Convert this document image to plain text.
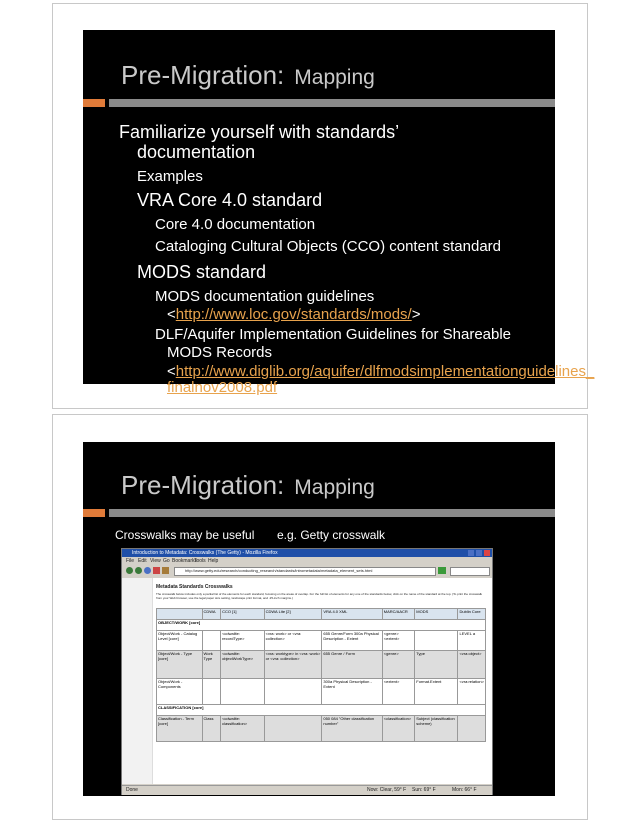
Pre-Migration: Mapping
Familiarize yourself with standards’
documentation
Examples
VRA Core 4.0 standard
Core 4.0 documentation
Cataloging Cultural Objects (CCO) content standard
MODS standard
MODS documentation guidelines
<http://www.loc.gov/standards/mods/>
DLF/Aquifer Implementation Guidelines for Shareable
MODS Records
<http://www.diglib.org/aquifer/dlfmodsimplementationguidelines_
finalnov2008.pdf
Pre-Migration: Mapping
Crosswalks may be useful e.g. Getty crosswalk
Introduction to Metadata: Crosswalks (The Getty) - Mozilla Firefox
File Edit View Go Bookmarks
Tools Help
http://www.getty.edu/research/conducting_research/standards/intrometadata/metadata_element_sets.html
Metadata Standards Crosswalks
The crosswalk below includes only a partial list of the elements for each standard, focusing on the areas of overlap. For the full list of elements for any one of the standards below, click on the name of the standard at the top. (To print the crosswalk from your Web browser, use the legal paper size setting, landscape print format, and .25-inch margins.)
	CDWA	CCO [1]	CDWA Lite [2]	VRA 4.0 XML	MARC/AACR	MODS	Dublin Core
OBJECT/WORK [core]							
Object/Work - Catalog Level [core]		<cdwalite: recordType>	<vra: work> or <vra: collection>	655 Genre/Form 300a Physical Description - Extent	<genre> <extent>		LEVEL a
Object/Work - Type [core]	Work Type	<cdwalite: objectWorkType>	<vra: worktype> in <vra: work> or <vra: collection>	655 Genre / Form	<genre>	Type	<vra:object>
Object/Work - Components				300a Physical Description - Extent	<extent>	Format.Extent	<vra:relation>
CLASSIFICATION [core]							
Classification - Term [core]	Class	<cdwalite: classification>		050 084 "Other classification number"	<classification>	Subject (classification scheme)	
Done	Now: Clear, 59° F Sun: 69° F	Mon: 66° F
